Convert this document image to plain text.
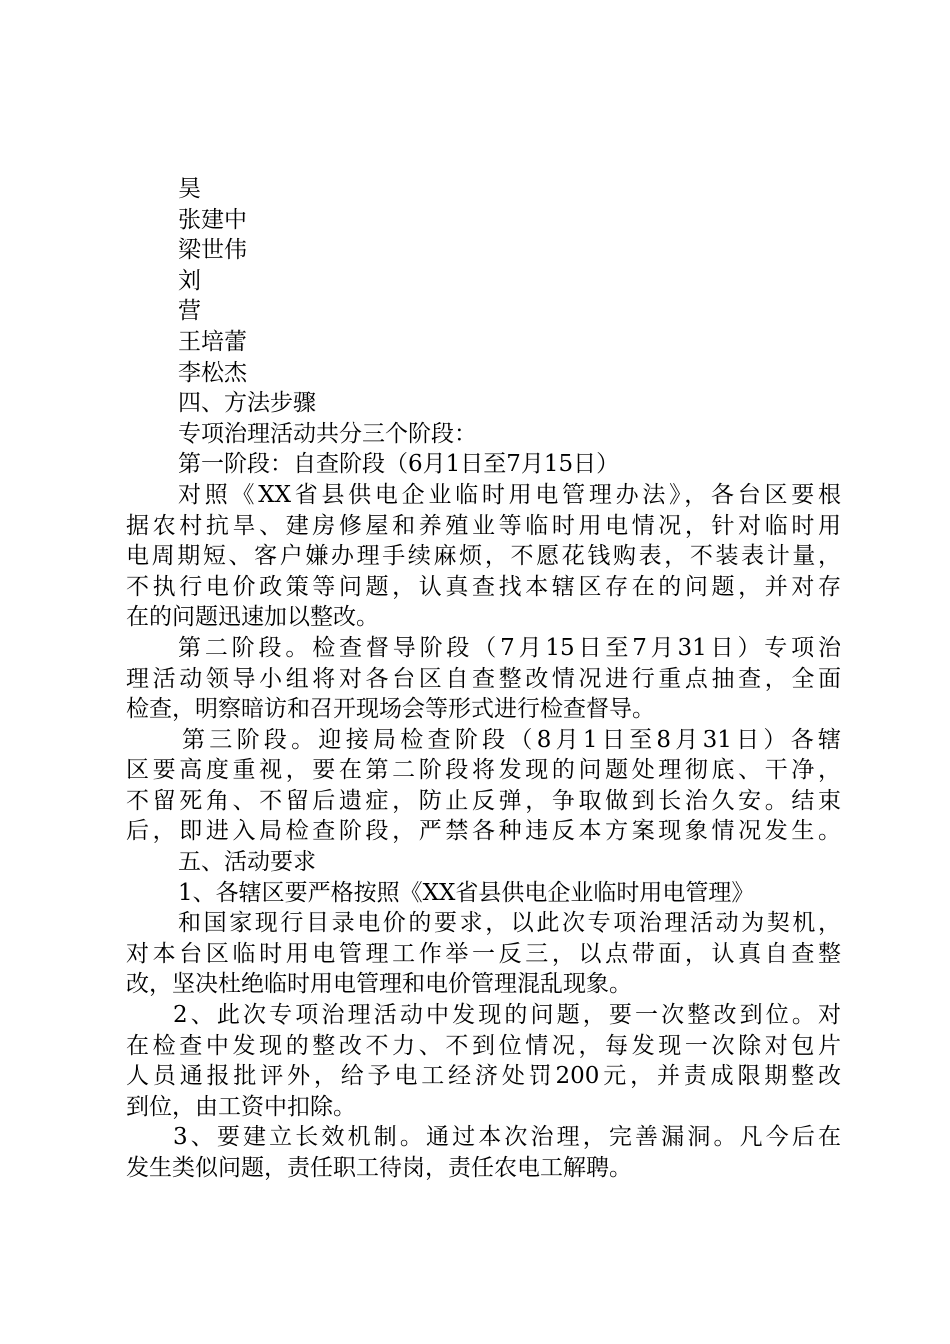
昊

张建中

梁世伟

刘

营

王培蕾

李松杰

四、方法步骤

专项治理活动共分三个阶段：

第一阶段：自查阶段（6月1日至7月15日）

对照《XX省县供电企业临时用电管理办法》，各台区要根

据农村抗旱、建房修屋和养殖业等临时用电情况，针对临时用

电周期短、客户嫌办理手续麻烦，不愿花钱购表，不装表计量，

不执行电价政策等问题，认真查找本辖区存在的问题，并对存

在的问题迅速加以整改。

第二阶段。检查督导阶段（7月15日至7月31日）专项治

理活动领导小组将对各台区自查整改情况进行重点抽查，全面

检查，明察暗访和召开现场会等形式进行检查督导。

第三阶段。迎接局检查阶段（8月1日至8月31日）各辖

区要高度重视，要在第二阶段将发现的问题处理彻底、干净，

不留死角、不留后遗症，防止反弹，争取做到长治久安。结束

后，即进入局检查阶段，严禁各种违反本方案现象情况发生。

五、活动要求

1、各辖区要严格按照《XX省县供电企业临时用电管理》

和国家现行目录电价的要求，以此次专项治理活动为契机，

对本台区临时用电管理工作举一反三，以点带面，认真自查整

改，坚决杜绝临时用电管理和电价管理混乱现象。

2、此次专项治理活动中发现的问题，要一次整改到位。对

在检查中发现的整改不力、不到位情况，每发现一次除对包片

人员通报批评外，给予电工经济处罚200元，并责成限期整改

到位，由工资中扣除。

3、要建立长效机制。通过本次治理，完善漏洞。凡今后在

发生类似问题，责任职工待岗，责任农电工解聘。
